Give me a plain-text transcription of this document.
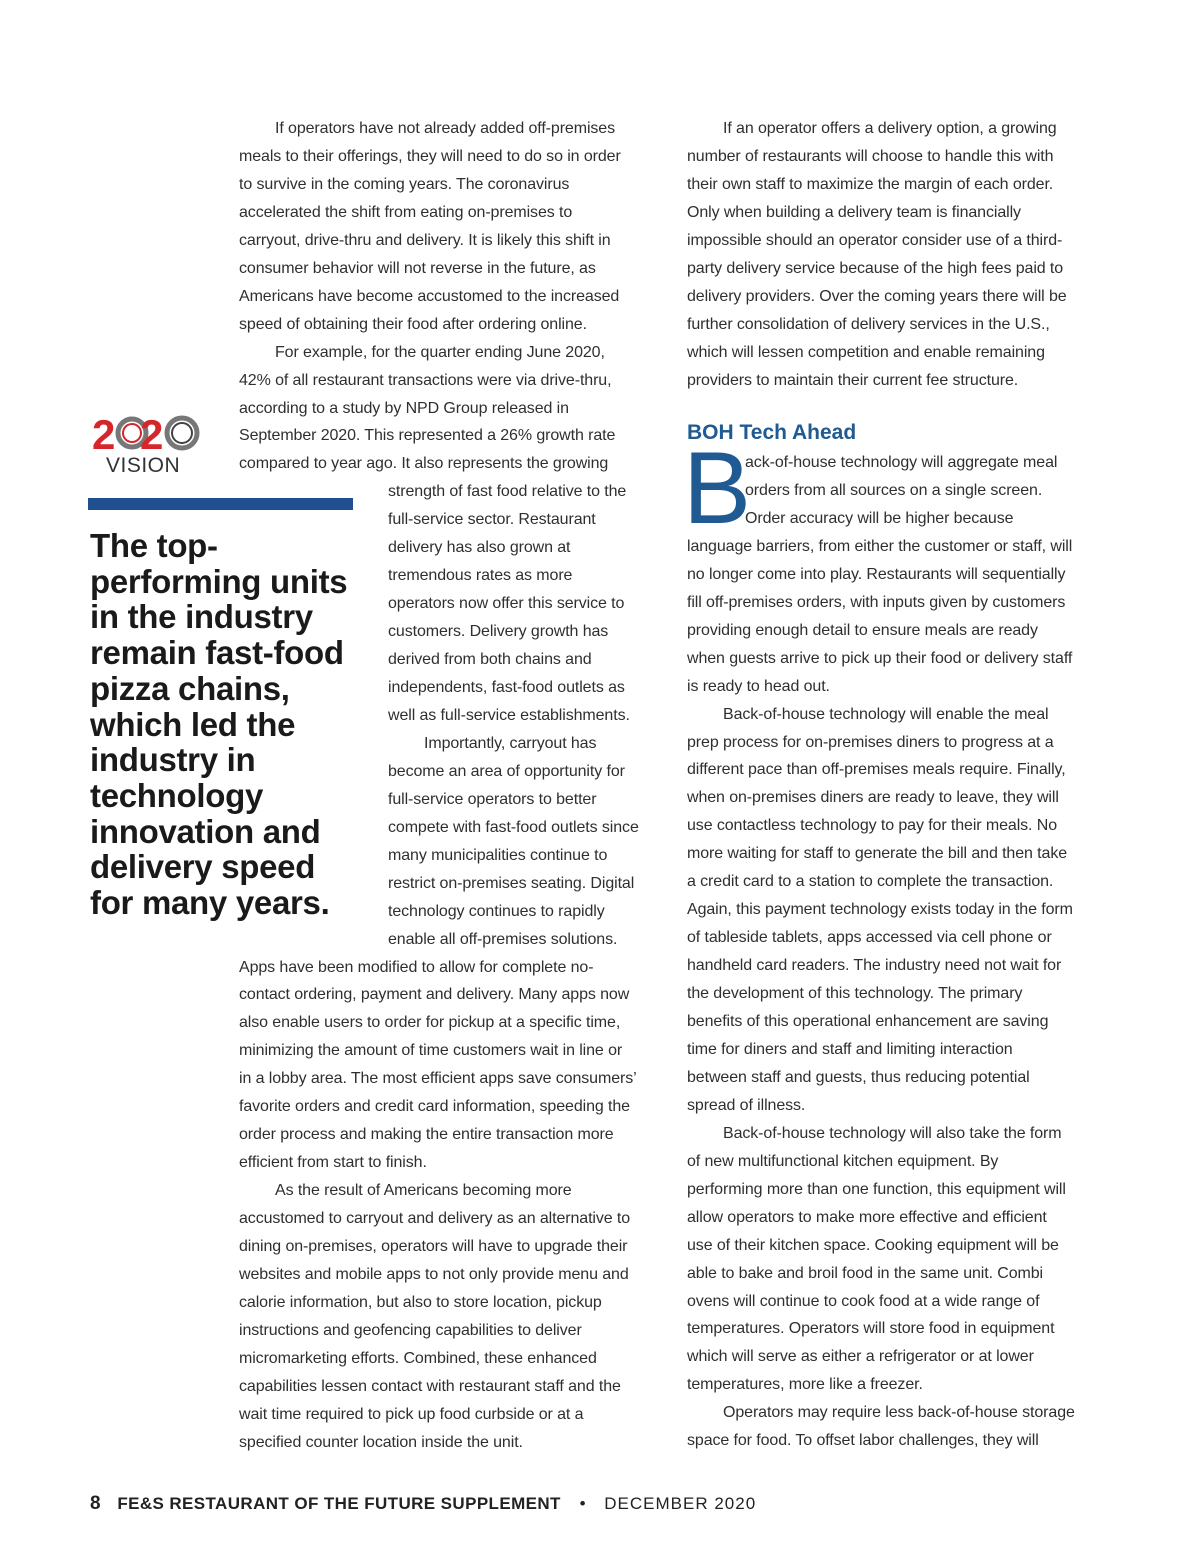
2 2
VISION
The top-
performing units
in the industry
remain fast-food
pizza chains,
which led the
industry in
technology
innovation and
delivery speed
for many years.
If operators have not already added off-premises
meals to their offerings, they will need to do so in order
to survive in the coming years. The coronavirus
accelerated the shift from eating on-premises to
carryout, drive-thru and delivery. It is likely this shift in
consumer behavior will not reverse in the future, as
Americans have become accustomed to the increased
speed of obtaining their food after ordering online.
For example, for the quarter ending June 2020,
42% of all restaurant transactions were via drive-thru,
according to a study by NPD Group released in
September 2020. This represented a 26% growth rate
compared to year ago. It also represents the growing
strength of fast food relative to the
full-service sector. Restaurant
delivery has also grown at
tremendous rates as more
operators now offer this service to
customers. Delivery growth has
derived from both chains and
independents, fast-food outlets as
well as full-service establishments.
Importantly, carryout has
become an area of opportunity for
full-service operators to better
compete with fast-food outlets since
many municipalities continue to
restrict on-premises seating. Digital
technology continues to rapidly
enable all off-premises solutions.
Apps have been modified to allow for complete no-
contact ordering, payment and delivery. Many apps now
also enable users to order for pickup at a specific time,
minimizing the amount of time customers wait in line or
in a lobby area. The most efficient apps save consumers’
favorite orders and credit card information, speeding the
order process and making the entire transaction more
efficient from start to finish.
As the result of Americans becoming more
accustomed to carryout and delivery as an alternative to
dining on-premises, operators will have to upgrade their
websites and mobile apps to not only provide menu and
calorie information, but also to store location, pickup
instructions and geofencing capabilities to deliver
micromarketing efforts. Combined, these enhanced
capabilities lessen contact with restaurant staff and the
wait time required to pick up food curbside or at a
specified counter location inside the unit.
If an operator offers a delivery option, a growing
number of restaurants will choose to handle this with
their own staff to maximize the margin of each order.
Only when building a delivery team is financially
impossible should an operator consider use of a third-
party delivery service because of the high fees paid to
delivery providers. Over the coming years there will be
further consolidation of delivery services in the U.S.,
which will lessen competition and enable remaining
providers to maintain their current fee structure.
ack-of-house technology will aggregate meal
orders from all sources on a single screen.
Order accuracy will be higher because
language barriers, from either the customer or staff, will
no longer come into play. Restaurants will sequentially
fill off-premises orders, with inputs given by customers
providing enough detail to ensure meals are ready
when guests arrive to pick up their food or delivery staff
is ready to head out.
Back-of-house technology will enable the meal
prep process for on-premises diners to progress at a
different pace than off-premises meals require. Finally,
when on-premises diners are ready to leave, they will
use contactless technology to pay for their meals. No
more waiting for staff to generate the bill and then take
a credit card to a station to complete the transaction.
Again, this payment technology exists today in the form
of tableside tablets, apps accessed via cell phone or
handheld card readers. The industry need not wait for
the development of this technology. The primary
benefits of this operational enhancement are saving
time for diners and staff and limiting interaction
between staff and guests, thus reducing potential
spread of illness.
Back-of-house technology will also take the form
of new multifunctional kitchen equipment. By
performing more than one function, this equipment will
allow operators to make more effective and efficient
use of their kitchen space. Cooking equipment will be
able to bake and broil food in the same unit. Combi
ovens will continue to cook food at a wide range of
temperatures. Operators will store food in equipment
which will serve as either a refrigerator or at lower
temperatures, more like a freezer.
Operators may require less back-of-house storage
space for food. To offset labor challenges, they will
BOH Tech Ahead
B
8 FE&S RESTAURANT OF THE FUTURE SUPPLEMENT • DECEMBER 2020
